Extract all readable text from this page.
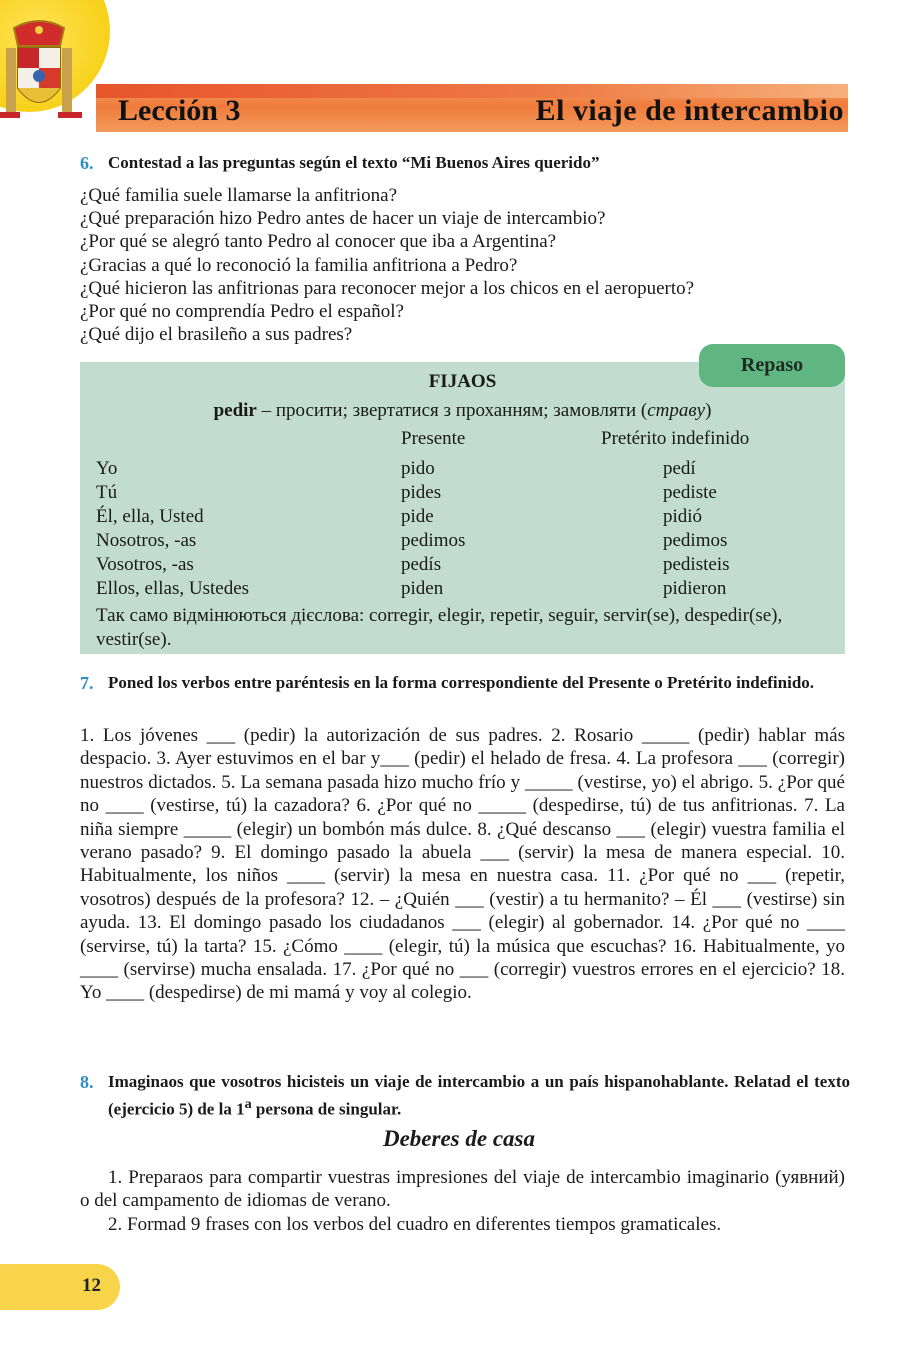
Lección 3	El viaje de intercambio
6. Contestad a las preguntas según el texto “Mi Buenos Aires querido”
¿Qué familia suele llamarse la anfitriona?
¿Qué preparación hizo Pedro antes de hacer un viaje de intercambio?
¿Por qué se alegró tanto Pedro al conocer que iba a Argentina?
¿Gracias a qué lo reconoció la familia anfitriona a Pedro?
¿Qué hicieron las anfitrionas para reconocer mejor a los chicos en el aeropuerto?
¿Por qué no comprendía Pedro el español?
¿Qué dijo el brasileño a sus padres?
FIJAOS
pedir – просити; звертатися з проханням; замовляти (страву)
Presente	Pretérito indefinido
Yo
Tú
Él, ella, Usted
Nosotros, -as
Vosotros, -as
Ellos, ellas, Ustedes
pido
pides
pide
pedimos
pedís
piden
pedí
pediste
pidió
pedimos
pedisteis
pidieron
Так само відмінюються дієслова: corregir, elegir, repetir, seguir, servir(se), despedir(se), vestir(se).
Repaso
7. Poned los verbos entre paréntesis en la forma correspondiente del Presente o Pretérito indefinido.
1. Los jóvenes ___ (pedir) la autorización de sus padres. 2. Rosario _____ (pedir) hablar más despacio. 3. Ayer estuvimos en el bar y___ (pedir) el helado de fresa. 4. La profesora ___ (corregir) nuestros dictados. 5. La semana pasada hizo mucho frío y _____ (vestirse, yo) el abrigo. 5. ¿Por qué no ____ (vestirse, tú) la cazadora? 6. ¿Por qué no _____ (despedirse, tú) de tus anfitrionas. 7. La niña siempre _____ (elegir) un bombón más dulce. 8. ¿Qué descanso ___ (elegir) vuestra familia el verano pasado? 9. El domingo pasado la abuela ___ (servir) la mesa de manera especial. 10. Habitualmente, los niños ____ (servir) la mesa en nuestra casa. 11. ¿Por qué no ___ (repetir, vosotros) después de la profesora? 12. – ¿Quién ___ (vestir) a tu hermanito? – Él ___ (vestirse) sin ayuda. 13. El domingo pasado los ciudadanos ___ (elegir) al gobernador. 14. ¿Por qué no ____ (servirse, tú) la tarta? 15. ¿Cómo ____ (elegir, tú) la música que escuchas? 16. Habitualmente, yo ____ (servirse) mucha ensalada. 17. ¿Por qué no ___ (corregir) vuestros errores en el ejercicio? 18. Yo ____ (despedirse) de mi mamá y voy al colegio.
8. Imaginaos que vosotros hicisteis un viaje de intercambio a un país hispanohablante. Relatad el texto (ejercicio 5) de la 1$^a$ persona de singular.
Deberes de casa
1. Preparaos para compartir vuestras impresiones del viaje de intercambio imaginario (уявний) o del campamento de idiomas de verano.
2. Formad 9 frases con los verbos del cuadro en diferentes tiempos gramaticales.
12
